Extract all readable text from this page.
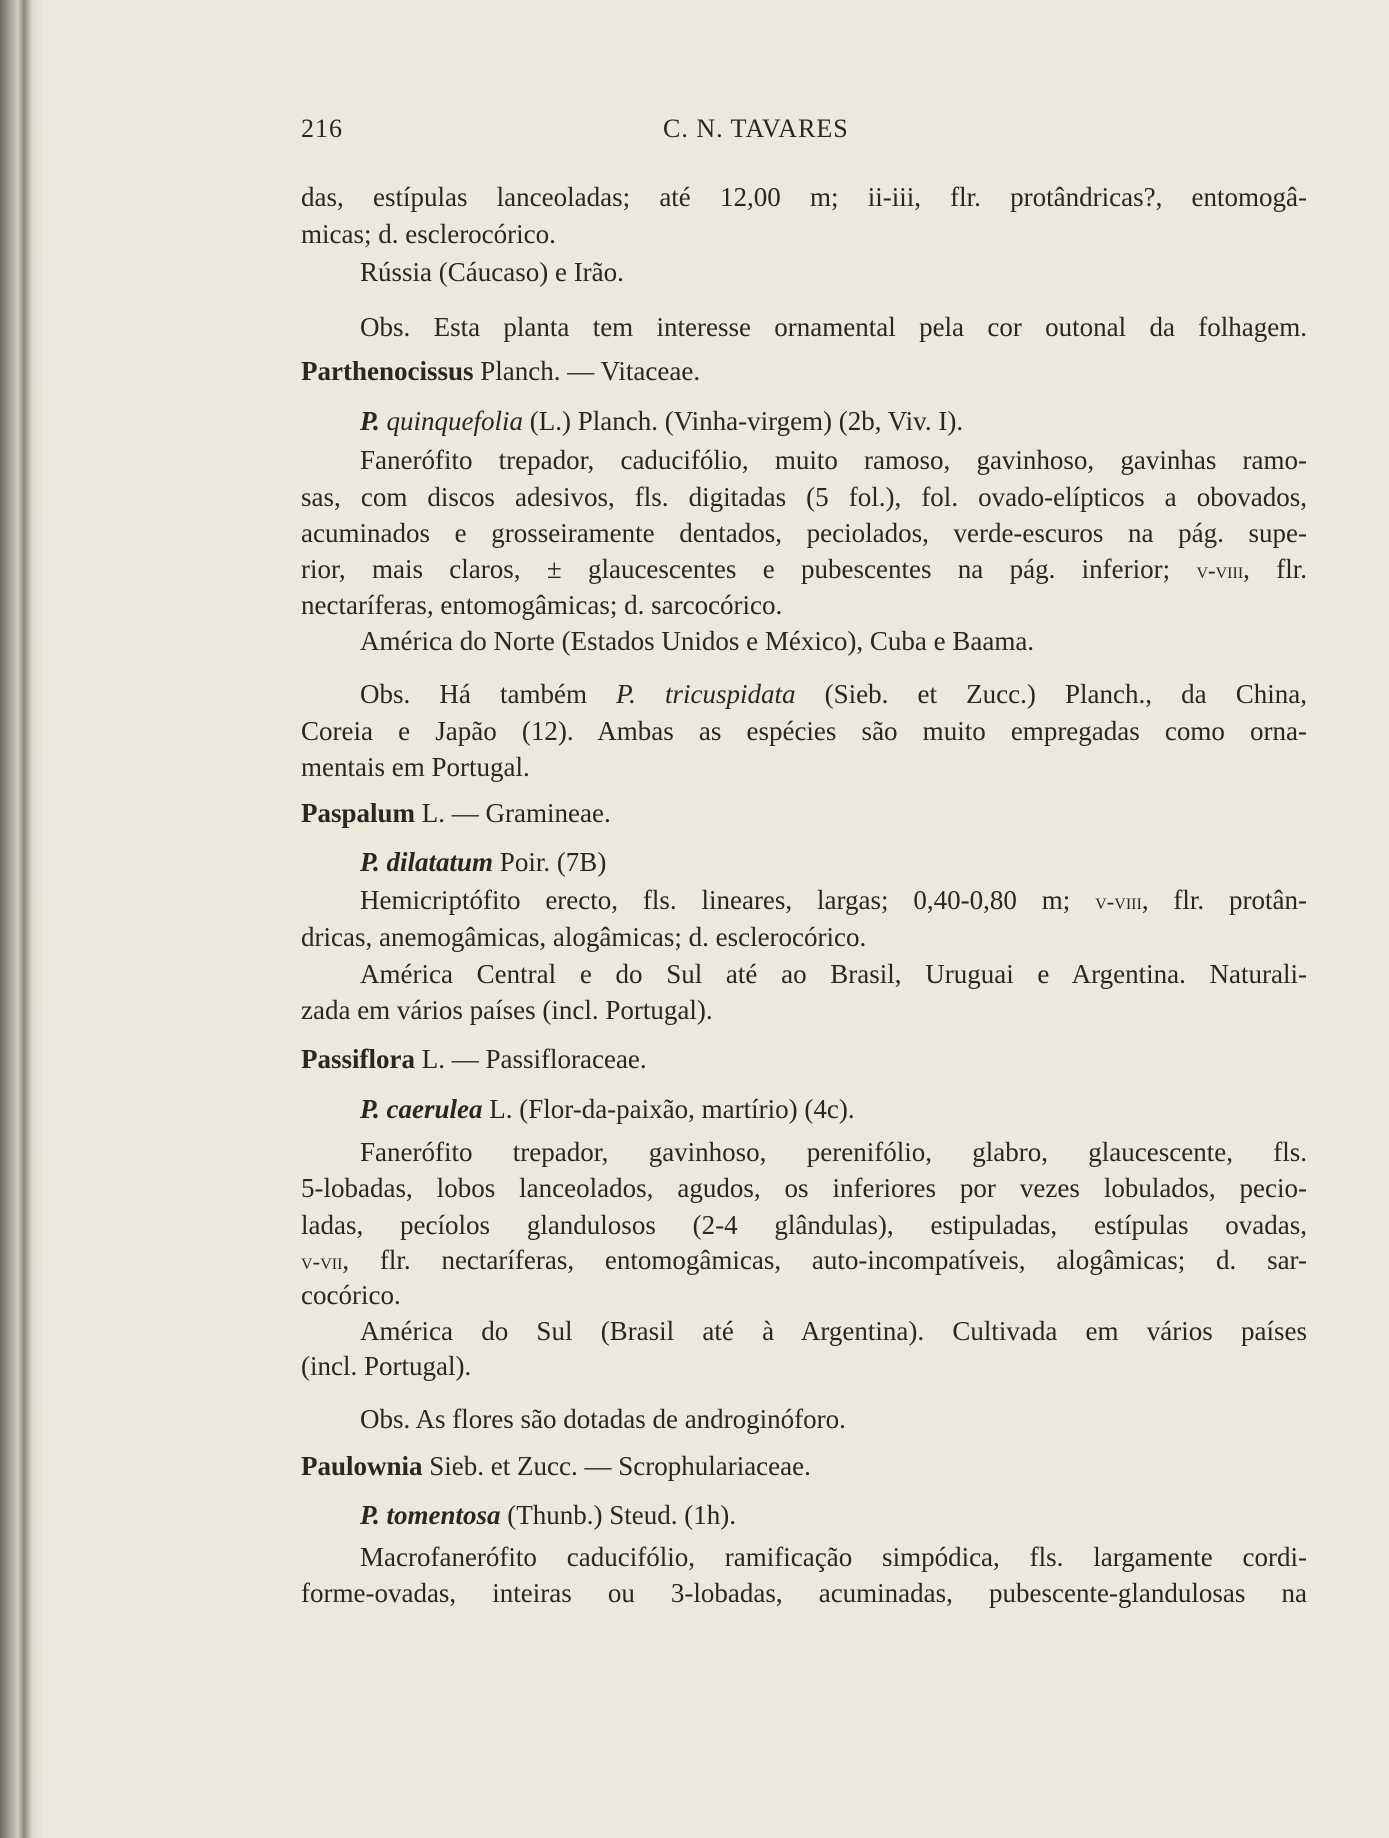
216	C. N. TAVARES
das, estípulas lanceoladas; até 12,00 m; ii-iii, flr. protândricas?, entomogâ-
micas; d. esclerocórico.
Rússia (Cáucaso) e Irão.
Obs. Esta planta tem interesse ornamental pela cor outonal da folhagem.
Parthenocissus Planch. — Vitaceae.
P. quinquefolia (L.) Planch. (Vinha-virgem) (2b, Viv. I).
Fanerófito trepador, caducifólio, muito ramoso, gavinhoso, gavinhas ramo-
sas, com discos adesivos, fls. digitadas (5 fol.), fol. ovado-elípticos a obovados,
acuminados e grosseiramente dentados, peciolados, verde-escuros na pág. supe-
rior, mais claros, ± glaucescentes e pubescentes na pág. inferior; v-viii, flr.
nectaríferas, entomogâmicas; d. sarcocórico.
América do Norte (Estados Unidos e México), Cuba e Baama.
Obs. Há também P. tricuspidata (Sieb. et Zucc.) Planch., da China,
Coreia e Japão (12). Ambas as espécies são muito empregadas como orna-
mentais em Portugal.
Paspalum L. — Gramineae.
P. dilatatum Poir. (7B)
Hemicriptófito erecto, fls. lineares, largas; 0,40-0,80 m; v-viii, flr. protân-
dricas, anemogâmicas, alogâmicas; d. esclerocórico.
América Central e do Sul até ao Brasil, Uruguai e Argentina. Naturali-
zada em vários países (incl. Portugal).
Passiflora L. — Passifloraceae.
P. caerulea L. (Flor-da-paixão, martírio) (4c).
Fanerófito trepador, gavinhoso, perenifólio, glabro, glaucescente, fls.
5-lobadas, lobos lanceolados, agudos, os inferiores por vezes lobulados, pecio-
ladas, pecíolos glandulosos (2-4 glândulas), estipuladas, estípulas ovadas,
v-vii, flr. nectaríferas, entomogâmicas, auto-incompatíveis, alogâmicas; d. sar-
cocórico.
América do Sul (Brasil até à Argentina). Cultivada em vários países
(incl. Portugal).
Obs. As flores são dotadas de androginóforo.
Paulownia Sieb. et Zucc. — Scrophulariaceae.
P. tomentosa (Thunb.) Steud. (1h).
Macrofanerófito caducifólio, ramificação simpódica, fls. largamente cordi-
forme-ovadas, inteiras ou 3-lobadas, acuminadas, pubescente-glandulosas na
